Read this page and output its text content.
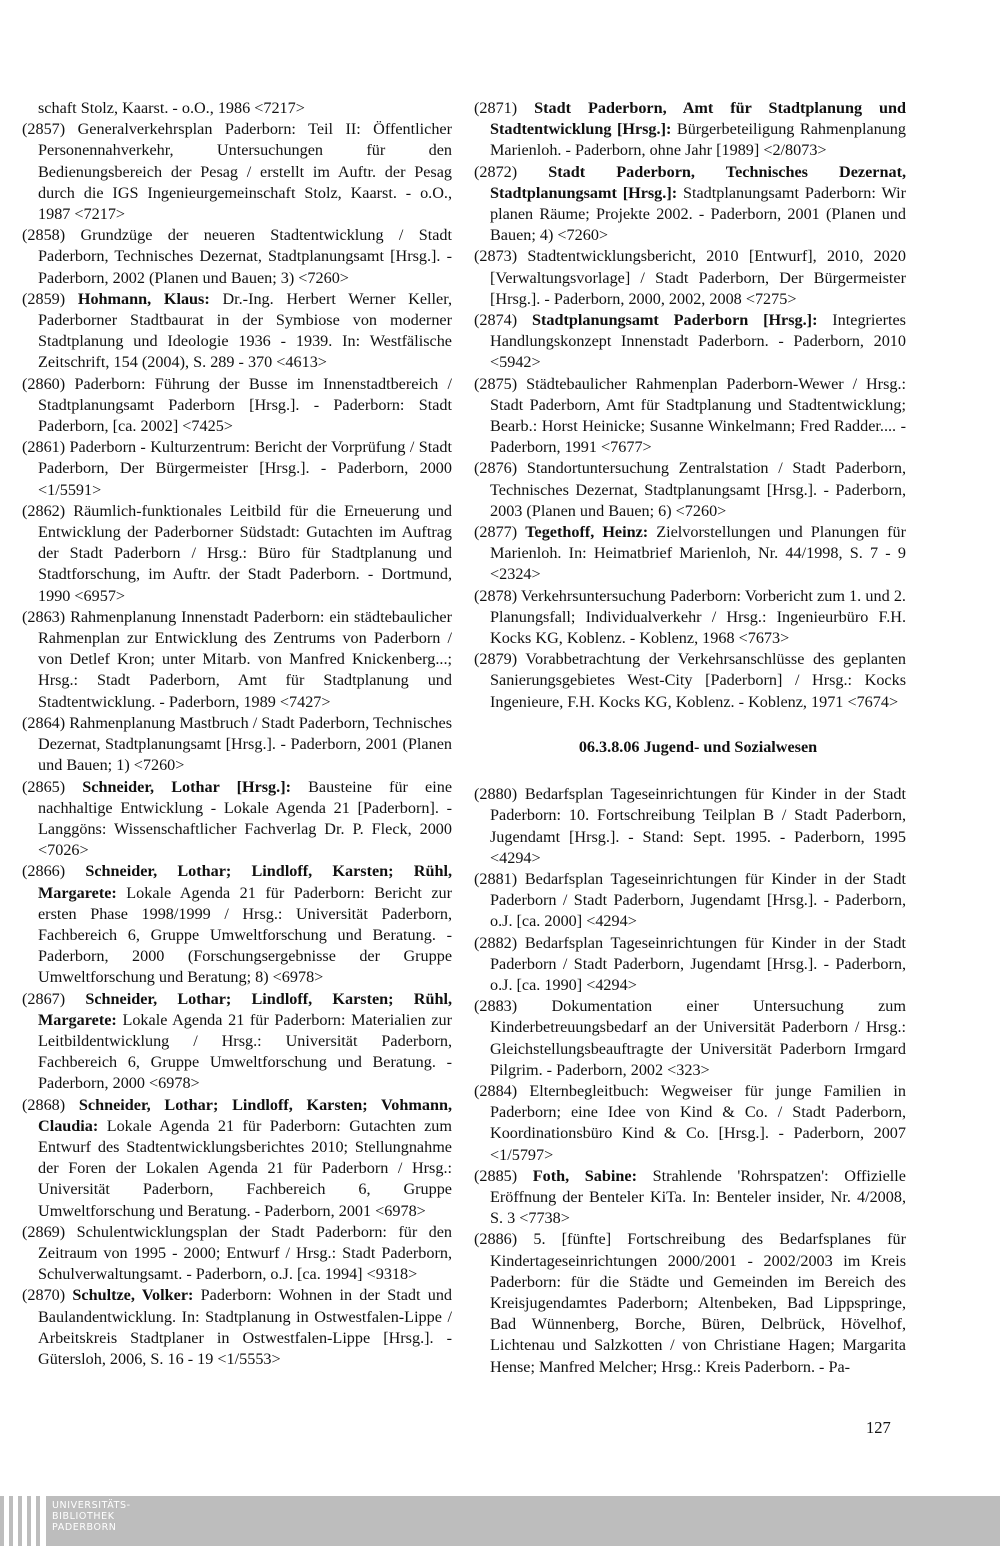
schaft Stolz, Kaarst. - o.O., 1986 <7217>

(2857) Generalverkehrsplan Paderborn: Teil II: Öffentlicher Personennahverkehr, Untersuchungen für den Bedienungsbereich der Pesag / erstellt im Auftr. der Pesag durch die IGS Ingenieurgemeinschaft Stolz, Kaarst. - o.O., 1987 <7217>

(2858) Grundzüge der neueren Stadtentwicklung / Stadt Paderborn, Technisches Dezernat, Stadtplanungsamt [Hrsg.]. - Paderborn, 2002 (Planen und Bauen; 3) <7260>

(2859) Hohmann, Klaus: Dr.-Ing. Herbert Werner Keller, Paderborner Stadtbaurat in der Symbiose von moderner Stadtplanung und Ideologie 1936 - 1939. In: Westfälische Zeitschrift, 154 (2004), S. 289 - 370 <4613>

(2860) Paderborn: Führung der Busse im Innenstadtbereich / Stadtplanungsamt Paderborn [Hrsg.]. - Paderborn: Stadt Paderborn, [ca. 2002] <7425>

(2861) Paderborn - Kulturzentrum: Bericht der Vorprüfung / Stadt Paderborn, Der Bürgermeister [Hrsg.]. - Paderborn, 2000 <1/5591>

(2862) Räumlich-funktionales Leitbild für die Erneuerung und Entwicklung der Paderborner Südstadt: Gutachten im Auftrag der Stadt Paderborn / Hrsg.: Büro für Stadtplanung und Stadtforschung, im Auftr. der Stadt Paderborn. - Dortmund, 1990 <6957>

(2863) Rahmenplanung Innenstadt Paderborn: ein städtebaulicher Rahmenplan zur Entwicklung des Zentrums von Paderborn / von Detlef Kron; unter Mitarb. von Manfred Knickenberg...; Hrsg.: Stadt Paderborn, Amt für Stadtplanung und Stadtentwicklung. - Paderborn, 1989 <7427>

(2864) Rahmenplanung Mastbruch / Stadt Paderborn, Technisches Dezernat, Stadtplanungsamt [Hrsg.]. - Paderborn, 2001 (Planen und Bauen; 1) <7260>

(2865) Schneider, Lothar [Hrsg.]: Bausteine für eine nachhaltige Entwicklung - Lokale Agenda 21 [Paderborn]. - Langgöns: Wissenschaftlicher Fachverlag Dr. P. Fleck, 2000 <7026>

(2866) Schneider, Lothar; Lindloff, Karsten; Rühl, Margarete: Lokale Agenda 21 für Paderborn: Bericht zur ersten Phase 1998/1999 / Hrsg.: Universität Paderborn, Fachbereich 6, Gruppe Umweltforschung und Beratung. - Paderborn, 2000 (Forschungsergebnisse der Gruppe Umweltforschung und Beratung; 8) <6978>

(2867) Schneider, Lothar; Lindloff, Karsten; Rühl, Margarete: Lokale Agenda 21 für Paderborn: Materialien zur Leitbildentwicklung / Hrsg.: Universität Paderborn, Fachbereich 6, Gruppe Umweltforschung und Beratung. - Paderborn, 2000 <6978>

(2868) Schneider, Lothar; Lindloff, Karsten; Vohmann, Claudia: Lokale Agenda 21 für Paderborn: Gutachten zum Entwurf des Stadtentwicklungsberichtes 2010; Stellungnahme der Foren der Lokalen Agenda 21 für Paderborn / Hrsg.: Universität Paderborn, Fachbereich 6, Gruppe Umweltforschung und Beratung. - Paderborn, 2001 <6978>

(2869) Schulentwicklungsplan der Stadt Paderborn: für den Zeitraum von 1995 - 2000; Entwurf / Hrsg.: Stadt Paderborn, Schulverwaltungsamt. - Paderborn, o.J. [ca. 1994] <9318>

(2870) Schultze, Volker: Paderborn: Wohnen in der Stadt und Baulandentwicklung. In: Stadtplanung in Ostwestfalen-Lippe / Arbeitskreis Stadtplaner in Ostwestfalen-Lippe [Hrsg.]. - Gütersloh, 2006, S. 16 - 19 <1/5553>

(2871) Stadt Paderborn, Amt für Stadtplanung und Stadtentwicklung [Hrsg.]: Bürgerbeteiligung Rahmenplanung Marienloh. - Paderborn, ohne Jahr [1989] <2/8073>

(2872) Stadt Paderborn, Technisches Dezernat, Stadtplanungsamt [Hrsg.]: Stadtplanungsamt Paderborn: Wir planen Räume; Projekte 2002. - Paderborn, 2001 (Planen und Bauen; 4) <7260>

(2873) Stadtentwicklungsbericht, 2010 [Entwurf], 2010, 2020 [Verwaltungsvorlage] / Stadt Paderborn, Der Bürgermeister [Hrsg.]. - Paderborn, 2000, 2002, 2008 <7275>

(2874) Stadtplanungsamt Paderborn [Hrsg.]: Integriertes Handlungskonzept Innenstadt Paderborn. - Paderborn, 2010 <5942>

(2875) Städtebaulicher Rahmenplan Paderborn-Wewer / Hrsg.: Stadt Paderborn, Amt für Stadtplanung und Stadtentwicklung; Bearb.: Horst Heinicke; Susanne Winkelmann; Fred Radder.... - Paderborn, 1991 <7677>

(2876) Standortuntersuchung Zentralstation / Stadt Paderborn, Technisches Dezernat, Stadtplanungsamt [Hrsg.]. - Paderborn, 2003 (Planen und Bauen; 6) <7260>

(2877) Tegethoff, Heinz: Zielvorstellungen und Planungen für Marienloh. In: Heimatbrief Marienloh, Nr. 44/1998, S. 7 - 9 <2324>

(2878) Verkehrsuntersuchung Paderborn: Vorbericht zum 1. und 2. Planungsfall; Individualverkehr / Hrsg.: Ingenieurbüro F.H. Kocks KG, Koblenz. - Koblenz, 1968 <7673>

(2879) Vorabbetrachtung der Verkehrsanschlüsse des geplanten Sanierungsgebietes West-City [Paderborn] / Hrsg.: Kocks Ingenieure, F.H. Kocks KG, Koblenz. - Koblenz, 1971 <7674>

06.3.8.06 Jugend- und Sozialwesen

(2880) Bedarfsplan Tageseinrichtungen für Kinder in der Stadt Paderborn: 10. Fortschreibung Teilplan B / Stadt Paderborn, Jugendamt [Hrsg.]. - Stand: Sept. 1995. - Paderborn, 1995 <4294>

(2881) Bedarfsplan Tageseinrichtungen für Kinder in der Stadt Paderborn / Stadt Paderborn, Jugendamt [Hrsg.]. - Paderborn, o.J. [ca. 2000] <4294>

(2882) Bedarfsplan Tageseinrichtungen für Kinder in der Stadt Paderborn / Stadt Paderborn, Jugendamt [Hrsg.]. - Paderborn, o.J. [ca. 1990] <4294>

(2883) Dokumentation einer Untersuchung zum Kinderbetreuungsbedarf an der Universität Paderborn / Hrsg.: Gleichstellungsbeauftragte der Universität Paderborn Irmgard Pilgrim. - Paderborn, 2002 <323>

(2884) Elternbegleitbuch: Wegweiser für junge Familien in Paderborn; eine Idee von Kind & Co. / Stadt Paderborn, Koordinationsbüro Kind & Co. [Hrsg.]. - Paderborn, 2007 <1/5797>

(2885) Foth, Sabine: Strahlende 'Rohrspatzen': Offizielle Eröffnung der Benteler KiTa. In: Benteler insider, Nr. 4/2008, S. 3 <7738>

(2886) 5. [fünfte] Fortschreibung des Bedarfsplanes für Kindertageseinrichtungen 2000/2001 - 2002/2003 im Kreis Paderborn: für die Städte und Gemeinden im Bereich des Kreisjugendamtes Paderborn; Altenbeken, Bad Lippspringe, Bad Wünnenberg, Borche, Büren, Delbrück, Hövelhof, Lichtenau und Salzkotten / von Christiane Hagen; Margarita Hense; Manfred Melcher; Hrsg.: Kreis Paderborn. - Pa-

127
UNIVERSITÄTS-
BIBLIOTHEK
PADERBORN
